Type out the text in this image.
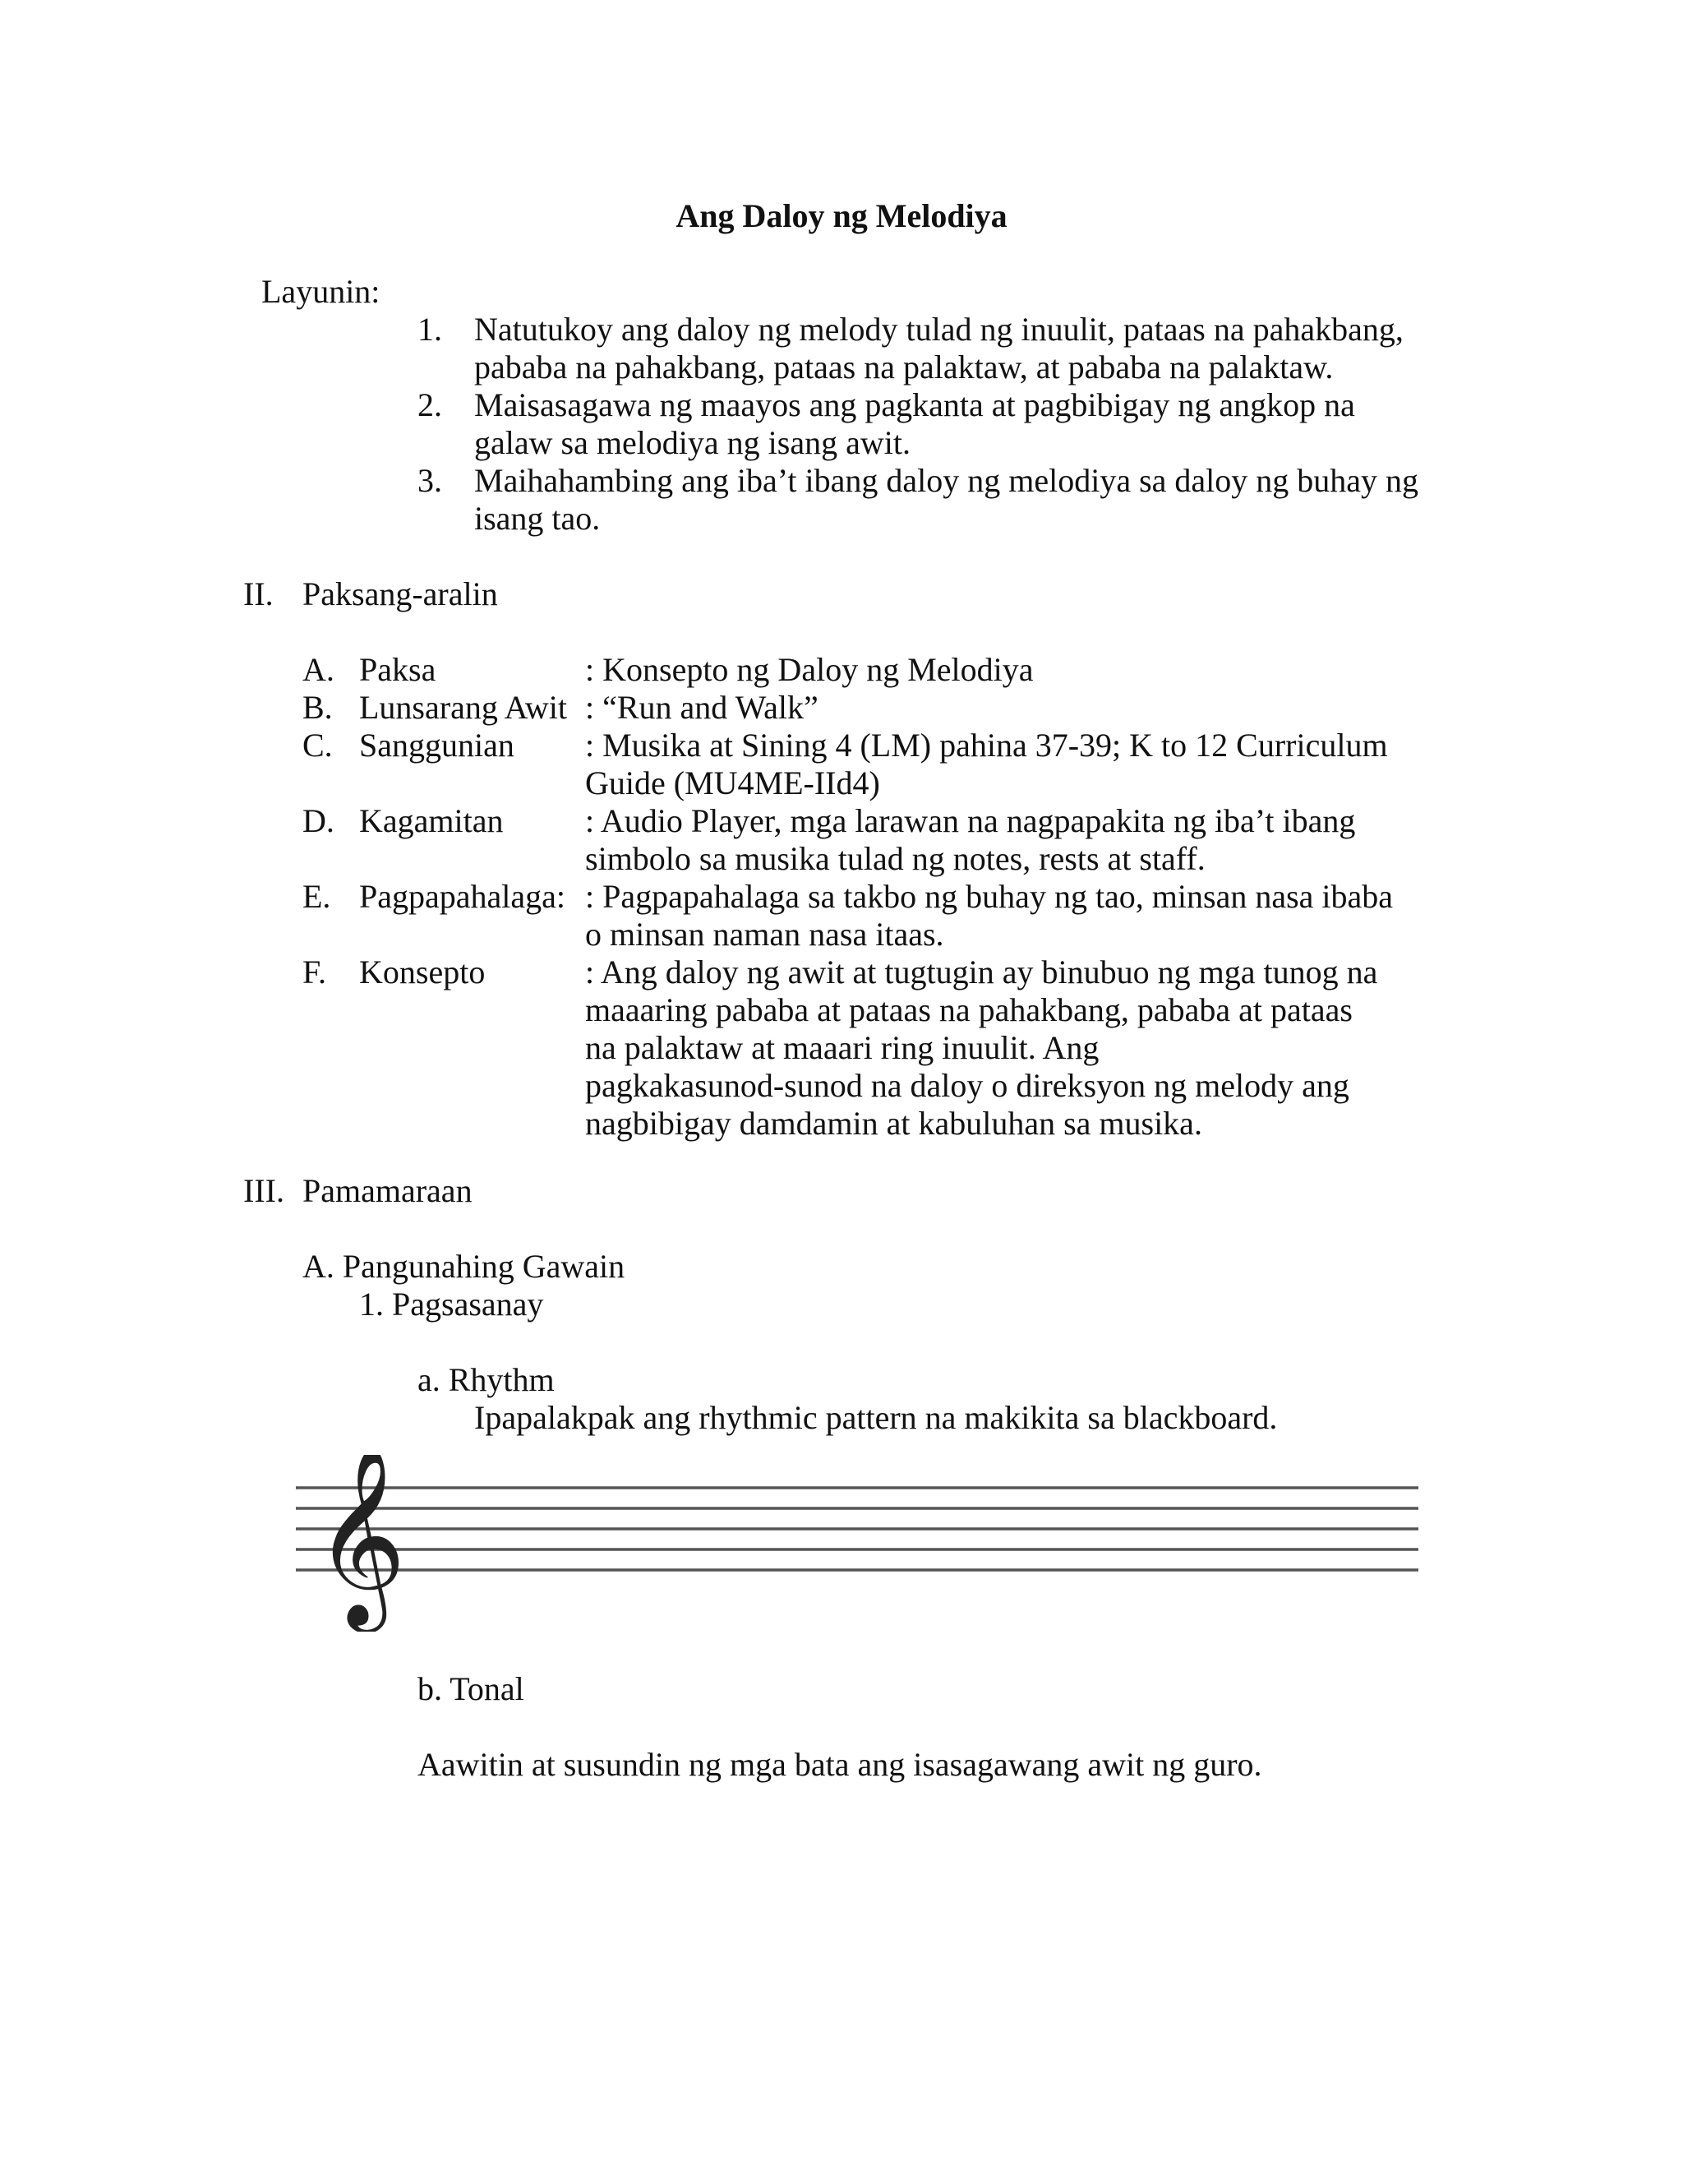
Ang Daloy ng Melodiya
Layunin:
1. Natutukoy ang daloy ng melody tulad ng inuulit, pataas na pahakbang,
pababa na pahakbang, pataas na palaktaw, at pababa na palaktaw.
2. Maisasagawa ng maayos ang pagkanta at pagbibigay ng angkop na
galaw sa melodiya ng isang awit.
3. Maihahambing ang iba’t ibang daloy ng melodiya sa daloy ng buhay ng
isang tao.
II. Paksang-aralin
A. Paksa	: Konsepto ng Daloy ng Melodiya
B. Lunsarang Awit : “Run and Walk”
C. Sanggunian : Musika at Sining 4 (LM) pahina 37-39; K to 12 Curriculum
Guide (MU4ME-IId4)
D. Kagamitan : Audio Player, mga larawan na nagpapakita ng iba’t ibang
simbolo sa musika tulad ng notes, rests at staff.
E. Pagpapahalaga: : Pagpapahalaga sa takbo ng buhay ng tao, minsan nasa ibaba
o minsan naman nasa itaas.
F. Konsepto	: Ang daloy ng awit at tugtugin ay binubuo ng mga tunog na
maaaring pababa at pataas na pahakbang, pababa at pataas
na palaktaw at maaari ring inuulit. Ang
pagkakasunod-sunod na daloy o direksyon ng melody ang
nagbibigay damdamin at kabuluhan sa musika.
III. Pamamaraan
A. Pangunahing Gawain
1. Pagsasanay
a. Rhythm
Ipapalakpak ang rhythmic pattern na makikita sa blackboard.
𝄞
b. Tonal
Aawitin at susundin ng mga bata ang isasagawang awit ng guro.
